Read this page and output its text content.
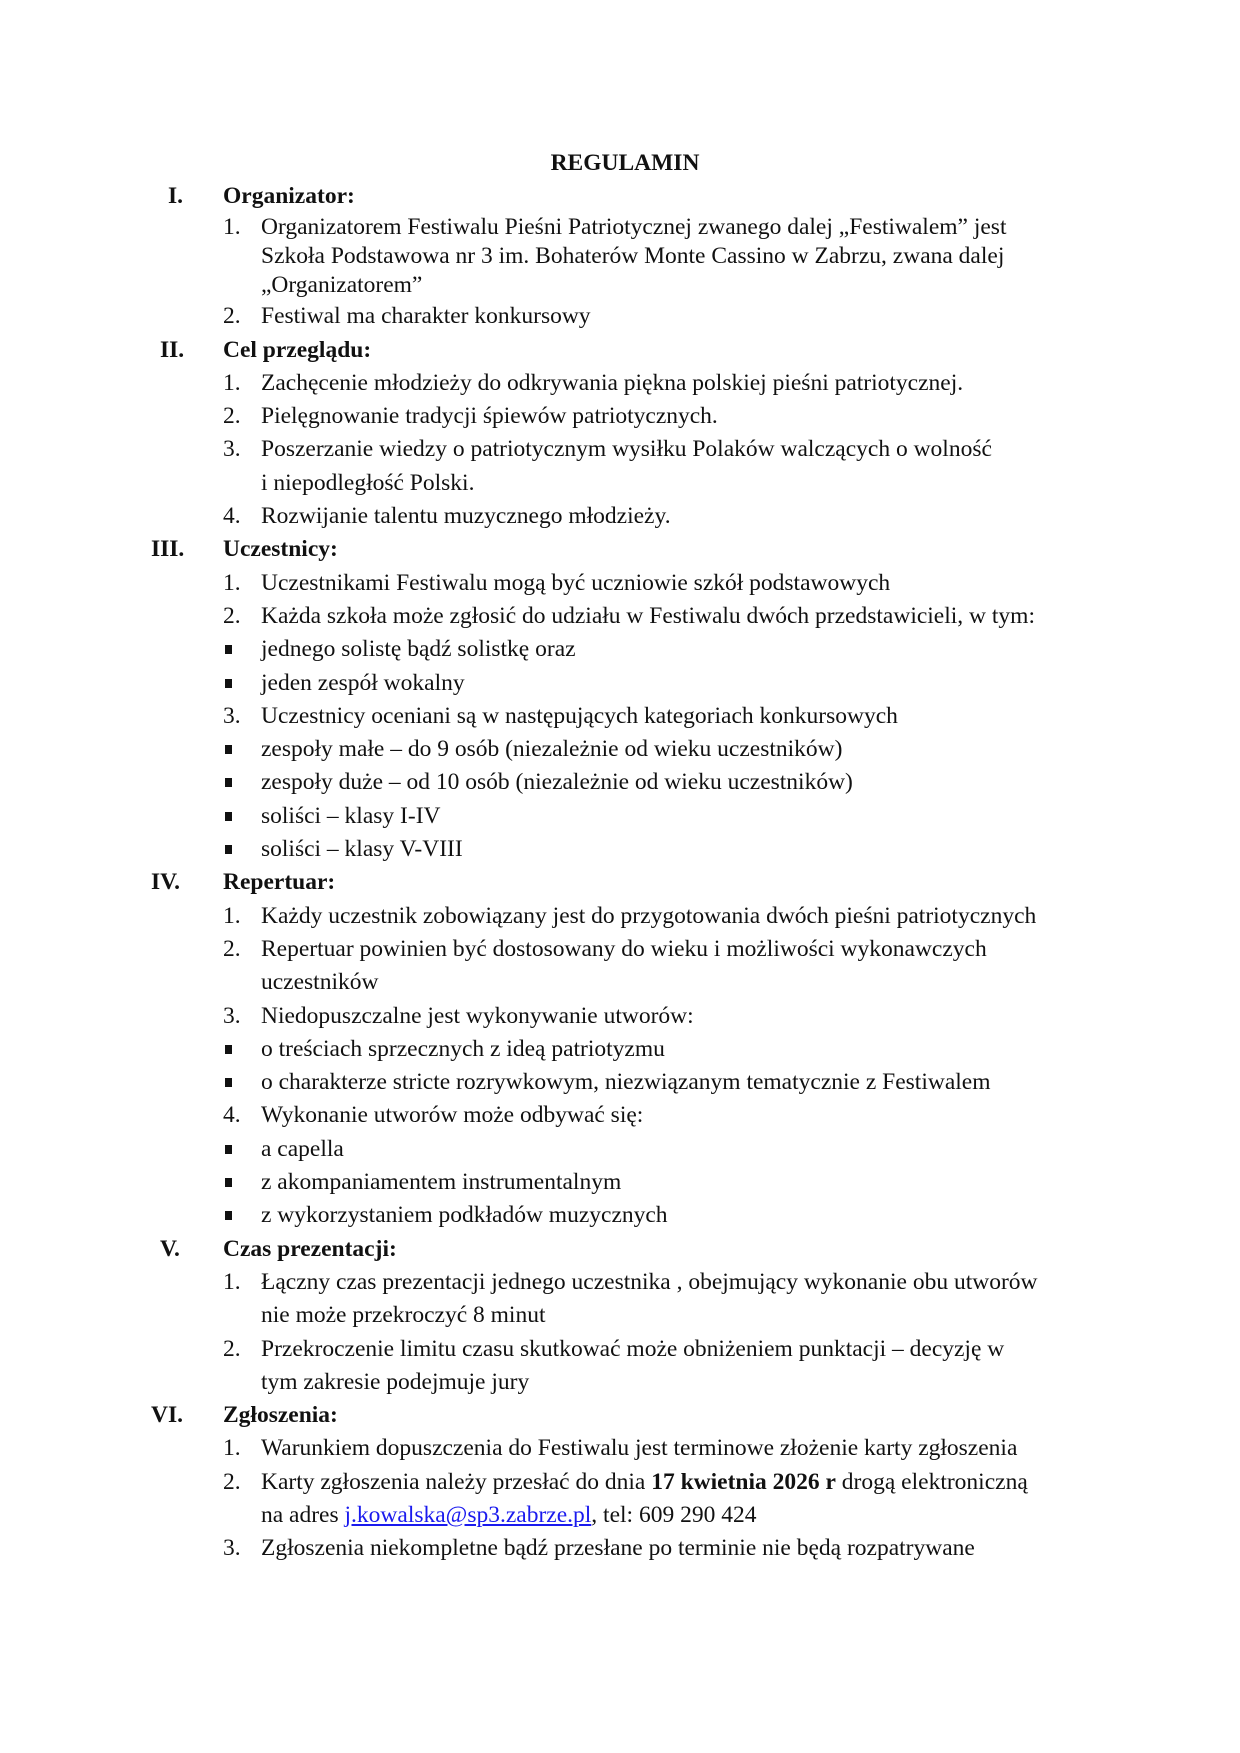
REGULAMIN
I.	Organizator:
1. Organizatorem Festiwalu Pieśni Patriotycznej zwanego dalej „Festiwalem” jest
Szkoła Podstawowa nr 3 im. Bohaterów Monte Cassino w Zabrzu, zwana dalej
„Organizatorem”
2. Festiwal ma charakter konkursowy
II.	Cel przeglądu:
1. Zachęcenie młodzieży do odkrywania piękna polskiej pieśni patriotycznej.
2. Pielęgnowanie tradycji śpiewów patriotycznych.
3. Poszerzanie wiedzy o patriotycznym wysiłku Polaków walczących o wolność
i niepodległość Polski.
4. Rozwijanie talentu muzycznego młodzieży.
III.	Uczestnicy:
1. Uczestnikami Festiwalu mogą być uczniowie szkół podstawowych
2. Każda szkoła może zgłosić do udziału w Festiwalu dwóch przedstawicieli, w tym:
jednego solistę bądź solistkę oraz
jeden zespół wokalny
3. Uczestnicy oceniani są w następujących kategoriach konkursowych
zespoły małe – do 9 osób (niezależnie od wieku uczestników)
zespoły duże – od 10 osób (niezależnie od wieku uczestników)
soliści – klasy I-IV
soliści – klasy V-VIII
IV.	Repertuar:
1. Każdy uczestnik zobowiązany jest do przygotowania dwóch pieśni patriotycznych
2. Repertuar powinien być dostosowany do wieku i możliwości wykonawczych
uczestników
3. Niedopuszczalne jest wykonywanie utworów:
o treściach sprzecznych z ideą patriotyzmu
o charakterze stricte rozrywkowym, niezwiązanym tematycznie z Festiwalem
4. Wykonanie utworów może odbywać się:
a capella
z akompaniamentem instrumentalnym
z wykorzystaniem podkładów muzycznych
V.	Czas prezentacji:
1. Łączny czas prezentacji jednego uczestnika , obejmujący wykonanie obu utworów
nie może przekroczyć 8 minut
2. Przekroczenie limitu czasu skutkować może obniżeniem punktacji – decyzję w
tym zakresie podejmuje jury
VI.	Zgłoszenia:
1. Warunkiem dopuszczenia do Festiwalu jest terminowe złożenie karty zgłoszenia
2. Karty zgłoszenia należy przesłać do dnia 17 kwietnia 2026 r drogą elektroniczną
na adres j.kowalska@sp3.zabrze.pl, tel: 609 290 424
3. Zgłoszenia niekompletne bądź przesłane po terminie nie będą rozpatrywane
